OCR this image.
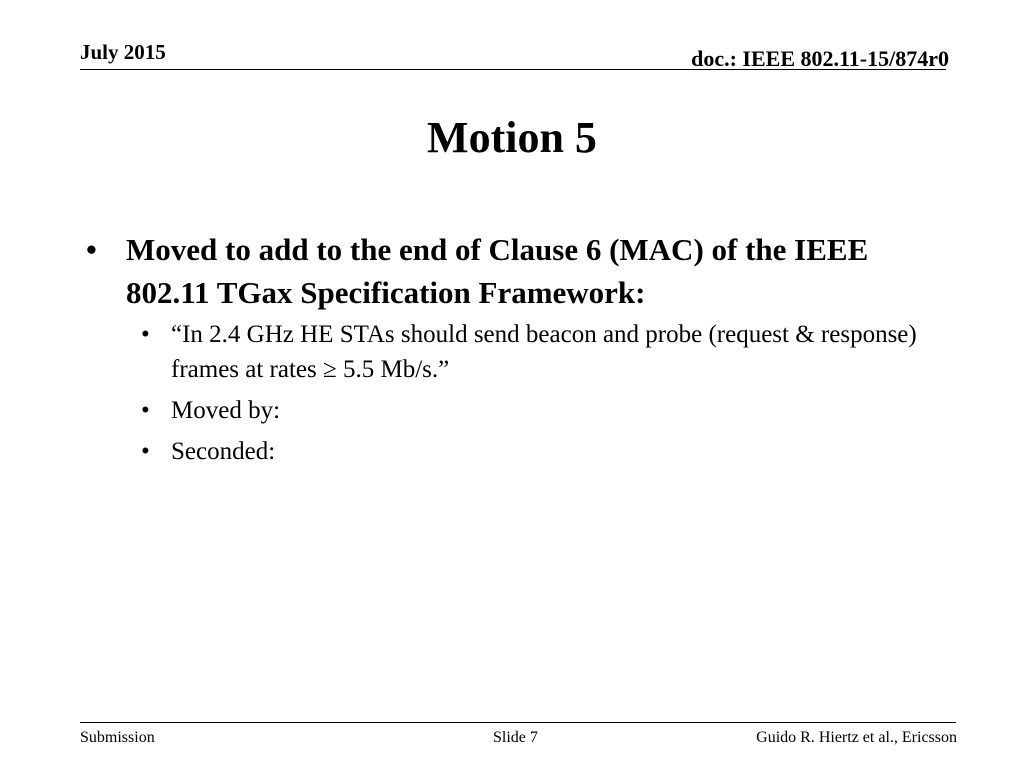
July 2015	doc.: IEEE 802.11-15/874r0
Motion 5
• Moved to add to the end of Clause 6 (MAC) of the IEEE 802.11 TGax Specification Framework:
• “In 2.4 GHz HE STAs should send beacon and probe (request & response) frames at rates ≥ 5.5 Mb/s.”
• Moved by:
• Seconded:
Submission	Slide 7	Guido R. Hiertz et al., Ericsson
